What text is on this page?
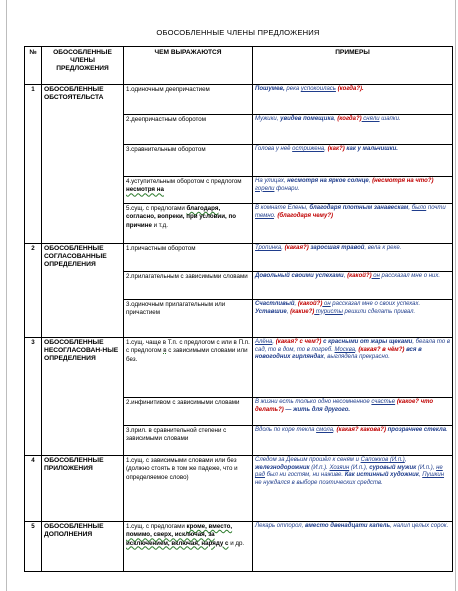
ОБОСОБЛЕННЫЕ ЧЛЕНЫ ПРЕДЛОЖЕНИЯ
№	ОБОСОБЛЕННЫЕ ЧЛЕНЫ ПРЕДЛОЖЕНИЯ	ЧЕМ ВЫРАЖАЮТСЯ	ПРИМЕРЫ
1	ОБОСОБЛЕННЫЕ ОБСТОЯТЕЛЬСТА	1.одиночным деепричастием	Пошумев, река успокоилась (когда?).
		2.деепричастным оборотом	Мужики, увидев помещика, (когда?) сняли шапки.
		3.сравнительным оборотом	Голова у неё острижена, (как?) как у мальчишки.
		4.уступительным оборотом с предлогом несмотря на	На улицах, несмотря на яркое солнце, (несмотря на что?) горели фонари.
		5.сущ. с предлогами благодаря, согласно, вопреки, при условии, по причине и т.д.	В комнате Елены, благодаря плотным занавескам, было почти темно. (благодаря чему?)
2	ОБОСОБЛЕННЫЕ СОГЛАСОВАННЫЕ ОПРЕДЕЛЕНИЯ	1.причастным оборотом	Тропинка, (какая?) заросшая травой, вела к реке.
		2.прилагательным с зависимыми словами	Довольный своими успехами, (какой?) он рассказал мне о них.
		3.одиночным прилагательным или причастием	Счастливый, (какой?) он рассказал мне о своих успехах. Уставшие, (какие?) туристы решили сделать привал.
3	ОБОСОБЛЕННЫЕ НЕСОГЛАСОВАН-НЫЕ ОПРЕДЕЛЕНИЯ	1.сущ. чаще в Т.п. с предлогом с или в П.п. с предлогом в с зависимыми словами или без.	Алёна, (какая? с чем?) с красными от жары щеками, бегала то в сад, то в дом, то в погреб. Москва, (какая? в чём?) вся в новогодних гирляндах, выглядела прекрасно.
		2.инфинитивом с зависимыми словами	В жизни есть только одно несомненное счастье (какое? что делать?) — жить для другого.
		3.прил. в сравнительной степени с зависимыми словами	Вдоль по коре текла смола, (какая? какова?) прозрачнее стекла.
4	ОБОСОБЛЕННЫЕ ПРИЛОЖЕНИЯ	1.сущ. с зависимыми словами или без (должно стоять в том же падеже, что и определяемое слово)	Следом за Девьим прошёл к сеням и Сапожков (И.п.), железнодорожник (И.п.). Хозяин (И.п.), суровый мужик (И.п.), не рад был ни гостям, ни наживе. Как истинный художник, Пушкин не нуждался в выборе поэтических средств.
5	ОБОСОБЛЕННЫЕ ДОПОЛНЕНИЯ	1.сущ. с предлогами кроме, вместо, помимо, сверх, исключая, за исключением, включая, наряду с и др.	Лекарь отпорол, вместо двенадцати капель, налил целых сорок.
